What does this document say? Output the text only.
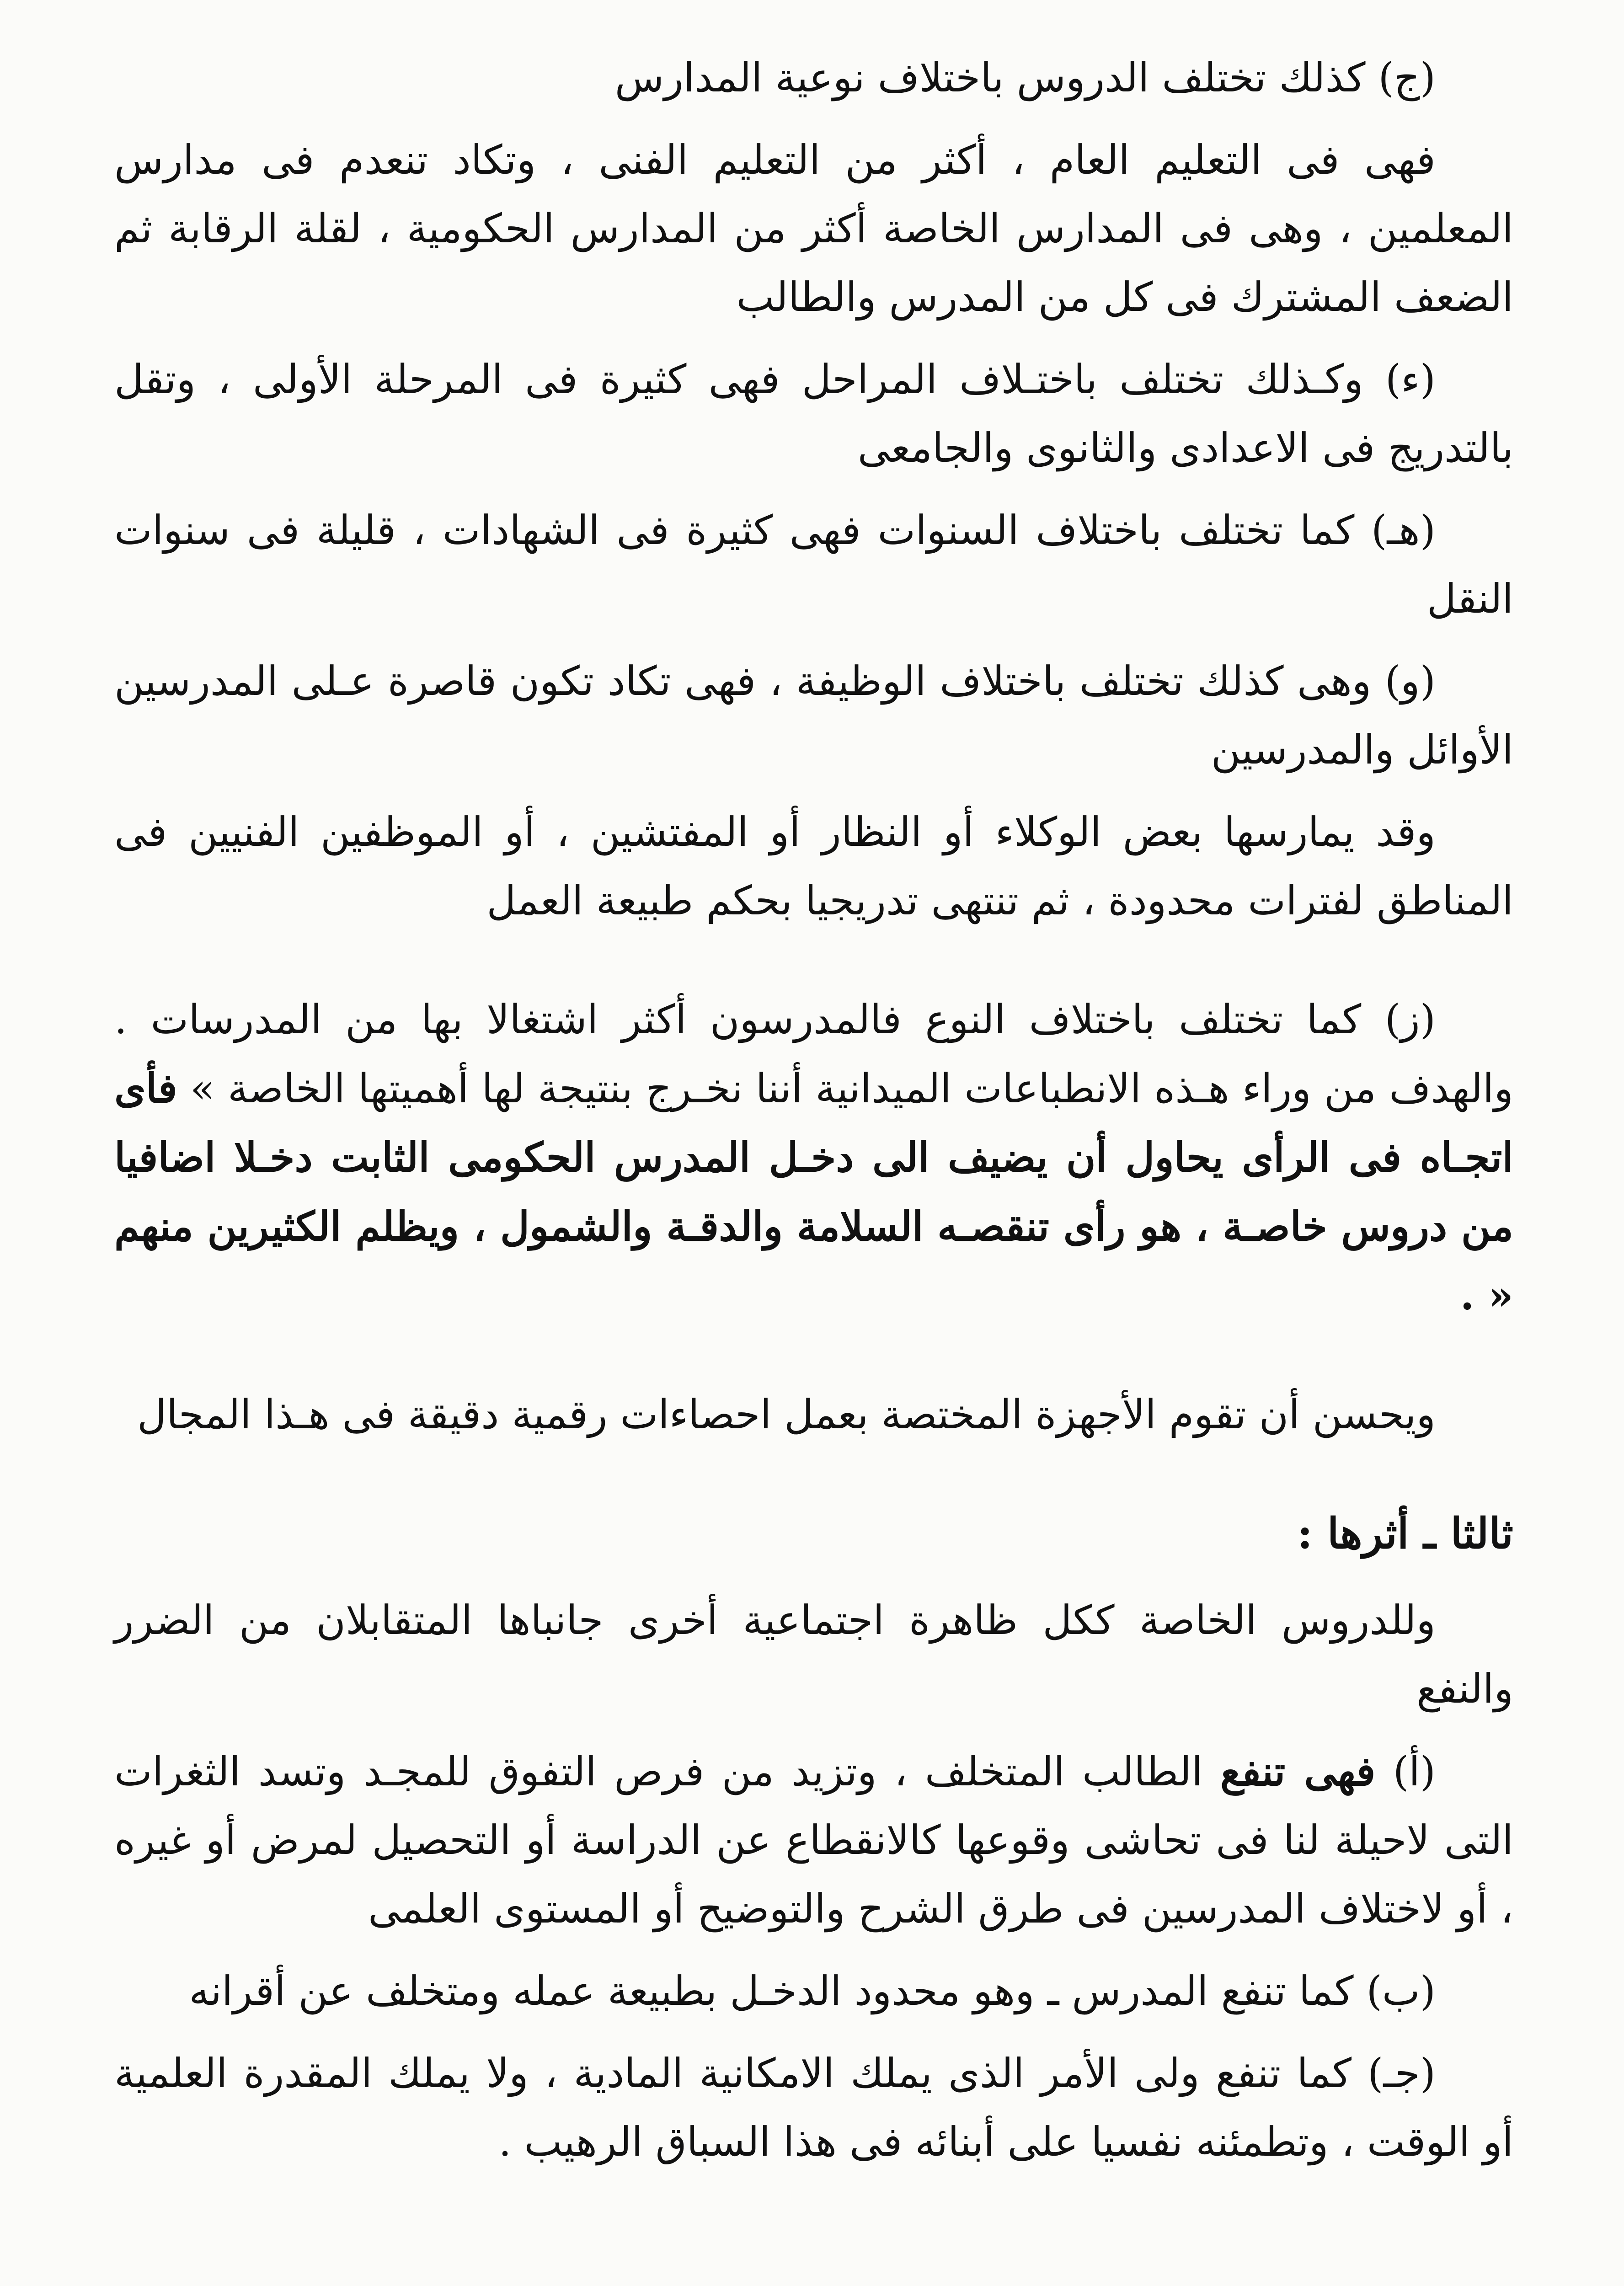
(ج) كذلك تختلف الدروس باختلاف نوعية المدارس

فهى فى التعليم العام ، أكثر من التعليم الفنى ، وتكاد تنعدم فى مدارس المعلمين ، وهى فى المدارس الخاصة أكثر من المدارس الحكومية ، لقلة الرقابة ثم الضعف المشترك فى كل من المدرس والطالب

(ء) وكـذلك تختلف باختـلاف المراحل فهى كثيرة فى المرحلة الأولى ، وتقل بالتدريج فى الاعدادى والثانوى والجامعى

(هـ) كما تختلف باختلاف السنوات فهى كثيرة فى الشهادات ، قليلة فى سنوات النقل

(و) وهى كذلك تختلف باختلاف الوظيفة ، فهى تكاد تكون قاصرة عـلى المدرسين الأوائل والمدرسين

وقد يمارسها بعض الوكلاء أو النظار أو المفتشين ، أو الموظفين الفنيين فى المناطق لفترات محدودة ، ثم تنتهى تدريجيا بحكم طبيعة العمل

(ز) كما تختلف باختلاف النوع فالمدرسون أكثر اشتغالا بها من المدرسات . والهدف من وراء هـذه الانطباعات الميدانية أننا نخـرج بنتيجة لها أهميتها الخاصة » فأى اتجـاه فى الرأى يحاول أن يضيف الى دخـل المدرس الحكومى الثابت دخـلا اضافيا من دروس خاصـة ، هو رأى تنقصـه السلامة والدقـة والشمول ، ويظلم الكثيرين منهم « .

ويحسن أن تقوم الأجهزة المختصة بعمل احصاءات رقمية دقيقة فى هـذا المجال

ثالثا ـ أثرها :

وللدروس الخاصة ككل ظاهرة اجتماعية أخرى جانباها المتقابلان من الضرر والنفع

(أ) فهى تنفع الطالب المتخلف ، وتزيد من فرص التفوق للمجـد وتسد الثغرات التى لاحيلة لنا فى تحاشى وقوعها كالانقطاع عن الدراسة أو التحصيل لمرض أو غيره ، أو لاختلاف المدرسين فى طرق الشرح والتوضيح أو المستوى العلمى

(ب) كما تنفع المدرس ـ وهو محدود الدخـل بطبيعة عمله ومتخلف عن أقرانه

(جـ) كما تنفع ولى الأمر الذى يملك الامكانية المادية ، ولا يملك المقدرة العلمية أو الوقت ، وتطمئنه نفسيا على أبنائه فى هذا السباق الرهيب .
